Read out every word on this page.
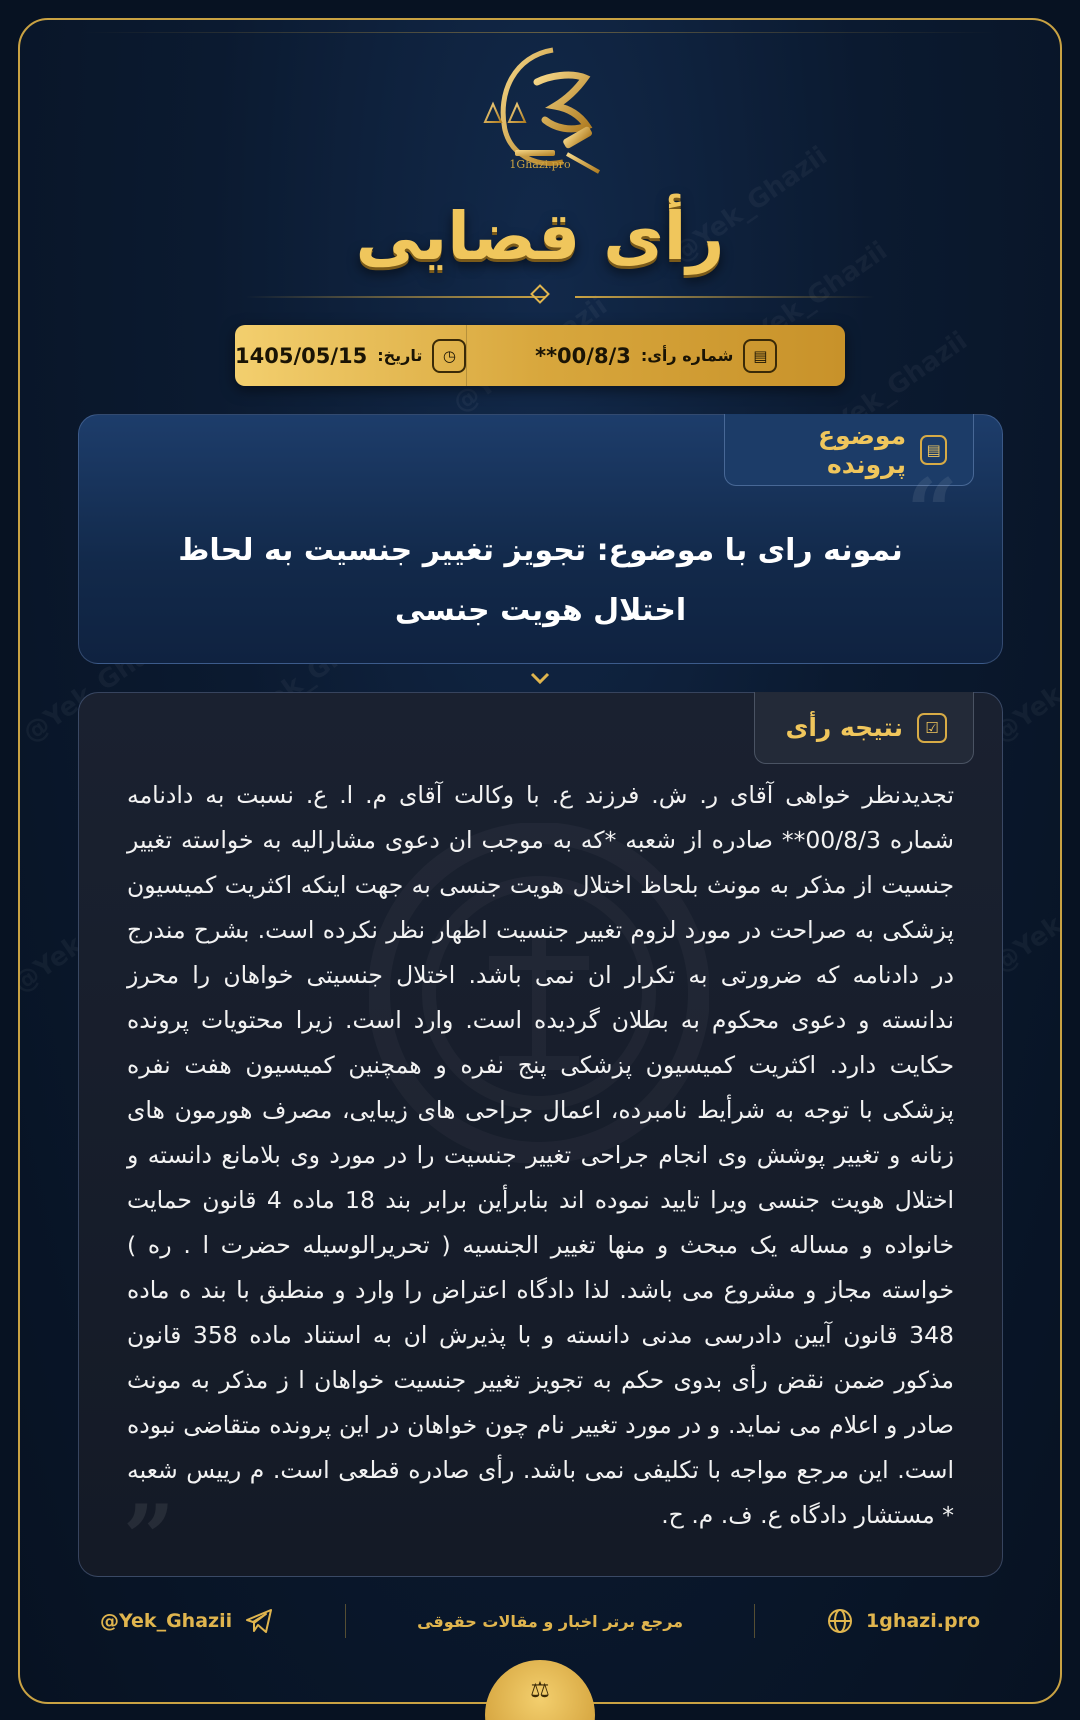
1Ghazi.pro
رأی قضایی
▤
شماره رأی:
**00/8/3
◷
تاریخ:
1405/05/15
▤
موضوع پرونده “

نمونه رای با موضوع: تجویز تغییر جنسیت به لحاظ اختلال هویت جنسی

☑
نتیجه رأی

تجدیدنظر خواهی آقای ر. ش. فرزند ع. با وکالت آقای م. ا. ع. نسبت به دادنامه شماره 00/8/3** صادره از شعبه *که به موجب ان دعوی مشارالیه به خواسته تغییر جنسیت از مذکر به مونث بلحاظ اختلال هویت جنسی به جهت اینکه اکثریت کمیسیون پزشکی به صراحت در مورد لزوم تغییر جنسیت اظهار نظر نکرده است. بشرح مندرج در دادنامه که ضرورتی به تکرار ان نمی باشد. اختلال جنسیتی خواهان را محرز ندانسته و دعوی محکوم به بطلان گردیده است. وارد است. زیرا محتویات پرونده حکایت دارد. اکثریت کمیسیون پزشکی پنج نفره و همچنین کمیسیون هفت نفره پزشکی با توجه به شرأیط نامبرده، اعمال جراحی های زیبایی، مصرف هورمون های زنانه و تغییر پوشش وی انجام جراحی تغییر جنسیت را در مورد وی بلامانع دانسته و اختلال هویت جنسی ویرا تایید نموده اند بنابرأین برابر بند 18 ماده 4 قانون حمایت خانواده و مساله یک مبحث و منها تغییر الجنسیه ( تحریرالوسیله حضرت ا . ره ) خواسته مجاز و مشروع می باشد. لذا دادگاه اعتراض را وارد و منطبق با بند ه ماده 348 قانون آیین دادرسی مدنی دانسته و با پذیرش ان به استناد ماده 358 قانون مذکور ضمن نقض رأی بدوی حکم به تجویز تغییر جنسیت خواهان ا ز مذکر به مونث صادر و اعلام می نماید. و در مورد تغییر نام چون خواهان در این پرونده متقاضی نبوده است. این مرجع مواجه با تکلیفی نمی باشد. رأی صادره قطعی است. م رییس شعبه * مستشار دادگاه ع. ف. م. ح.

”
1ghazi.pro
مرجع برتر اخبار و مقالات حقوقی
@Yek_Ghazii
⚖
